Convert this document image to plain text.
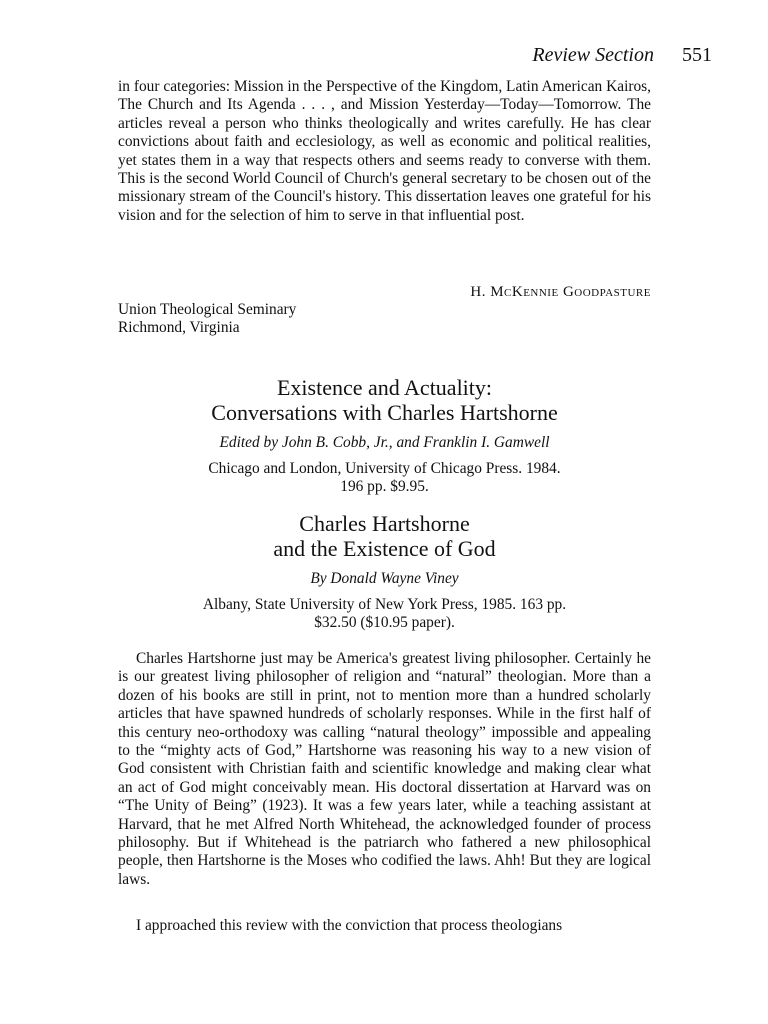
Review Section 551
in four categories: Mission in the Perspective of the Kingdom, Latin American Kairos, The Church and Its Agenda . . . , and Mission Yesterday—Today—Tomorrow. The articles reveal a person who thinks theologically and writes carefully. He has clear convictions about faith and ecclesiology, as well as economic and political realities, yet states them in a way that respects others and seems ready to converse with them. This is the second World Council of Church's general secretary to be chosen out of the missionary stream of the Council's history. This dissertation leaves one grateful for his vision and for the selection of him to serve in that influential post.
H. McKennie Goodpasture
Union Theological Seminary
Richmond, Virginia
Existence and Actuality:
Conversations with Charles Hartshorne
Edited by John B. Cobb, Jr., and Franklin I. Gamwell
Chicago and London, University of Chicago Press. 1984.
196 pp. $9.95.
Charles Hartshorne
and the Existence of God
By Donald Wayne Viney
Albany, State University of New York Press, 1985. 163 pp.
$32.50 ($10.95 paper).
Charles Hartshorne just may be America's greatest living philosopher. Certainly he is our greatest living philosopher of religion and “natural” theologian. More than a dozen of his books are still in print, not to mention more than a hundred scholarly articles that have spawned hundreds of scholarly responses. While in the first half of this century neo-orthodoxy was calling “natural theology” impossible and appealing to the “mighty acts of God,” Hartshorne was reasoning his way to a new vision of God consistent with Christian faith and scientific knowledge and making clear what an act of God might conceivably mean. His doctoral dissertation at Harvard was on “The Unity of Being” (1923). It was a few years later, while a teaching assistant at Harvard, that he met Alfred North Whitehead, the acknowledged founder of process philosophy. But if Whitehead is the patriarch who fathered a new philosophical people, then Hartshorne is the Moses who codified the laws. Ahh! But they are logical laws.
I approached this review with the conviction that process theologians
